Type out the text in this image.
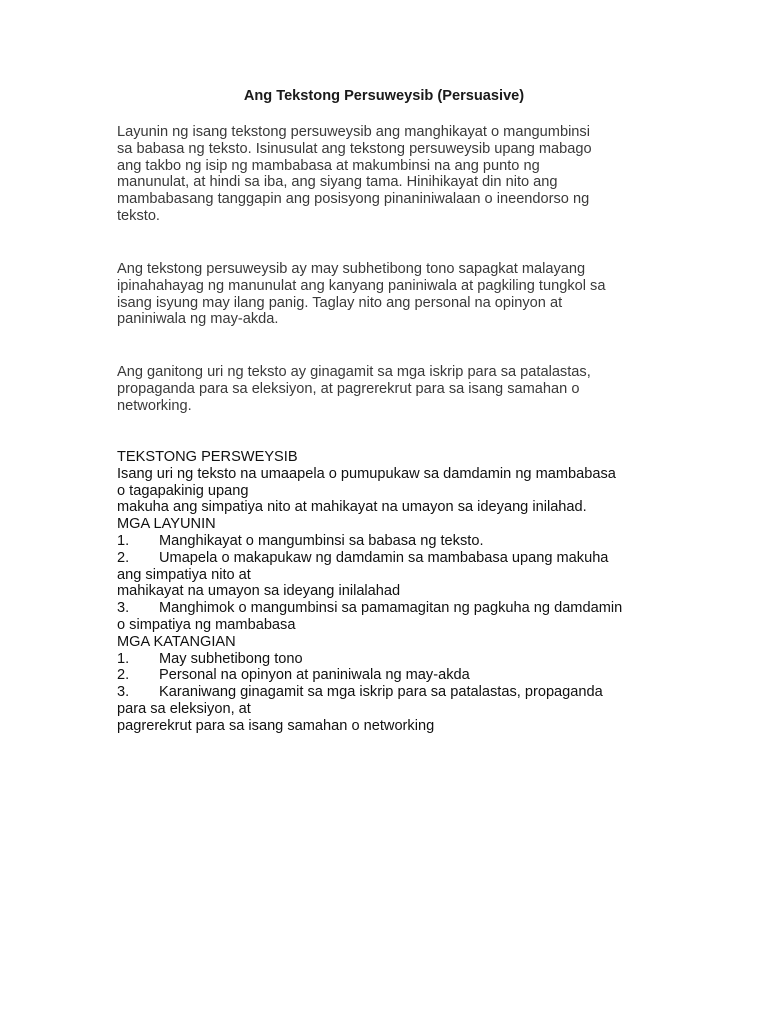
Ang Tekstong Persuweysib (Persuasive)

Layunin ng isang tekstong persuweysib ang manghikayat o mangumbinsi
sa babasa ng teksto. Isinusulat ang tekstong persuweysib upang mabago
ang takbo ng isip ng mambabasa at makumbinsi na ang punto ng
manunulat, at hindi sa iba, ang siyang tama. Hinihikayat din nito ang
mambabasang tanggapin ang posisyong pinaniniwalaan o ineendorso ng
teksto.

Ang tekstong persuweysib ay may subhetibong tono sapagkat malayang
ipinahahayag ng manunulat ang kanyang paniniwala at pagkiling tungkol sa
isang isyung may ilang panig. Taglay nito ang personal na opinyon at
paniniwala ng may-akda.

Ang ganitong uri ng teksto ay ginagamit sa mga iskrip para sa patalastas,
propaganda para sa eleksiyon, at pagrerekrut para sa isang samahan o
networking.

TEKSTONG PERSWEYSIB
Isang uri ng teksto na umaapela o pumupukaw sa damdamin ng mambabasa
o tagapakinig upang
makuha ang simpatiya nito at mahikayat na umayon sa ideyang inilahad.
MGA LAYUNIN
1. Manghikayat o mangumbinsi sa babasa ng teksto.
2. Umapela o makapukaw ng damdamin sa mambabasa upang makuha
ang simpatiya nito at
mahikayat na umayon sa ideyang inilalahad
3. Manghimok o mangumbinsi sa pamamagitan ng pagkuha ng damdamin
o simpatiya ng mambabasa
MGA KATANGIAN
1. May subhetibong tono
2. Personal na opinyon at paniniwala ng may-akda
3. Karaniwang ginagamit sa mga iskrip para sa patalastas, propaganda
para sa eleksiyon, at
pagrerekrut para sa isang samahan o networking
